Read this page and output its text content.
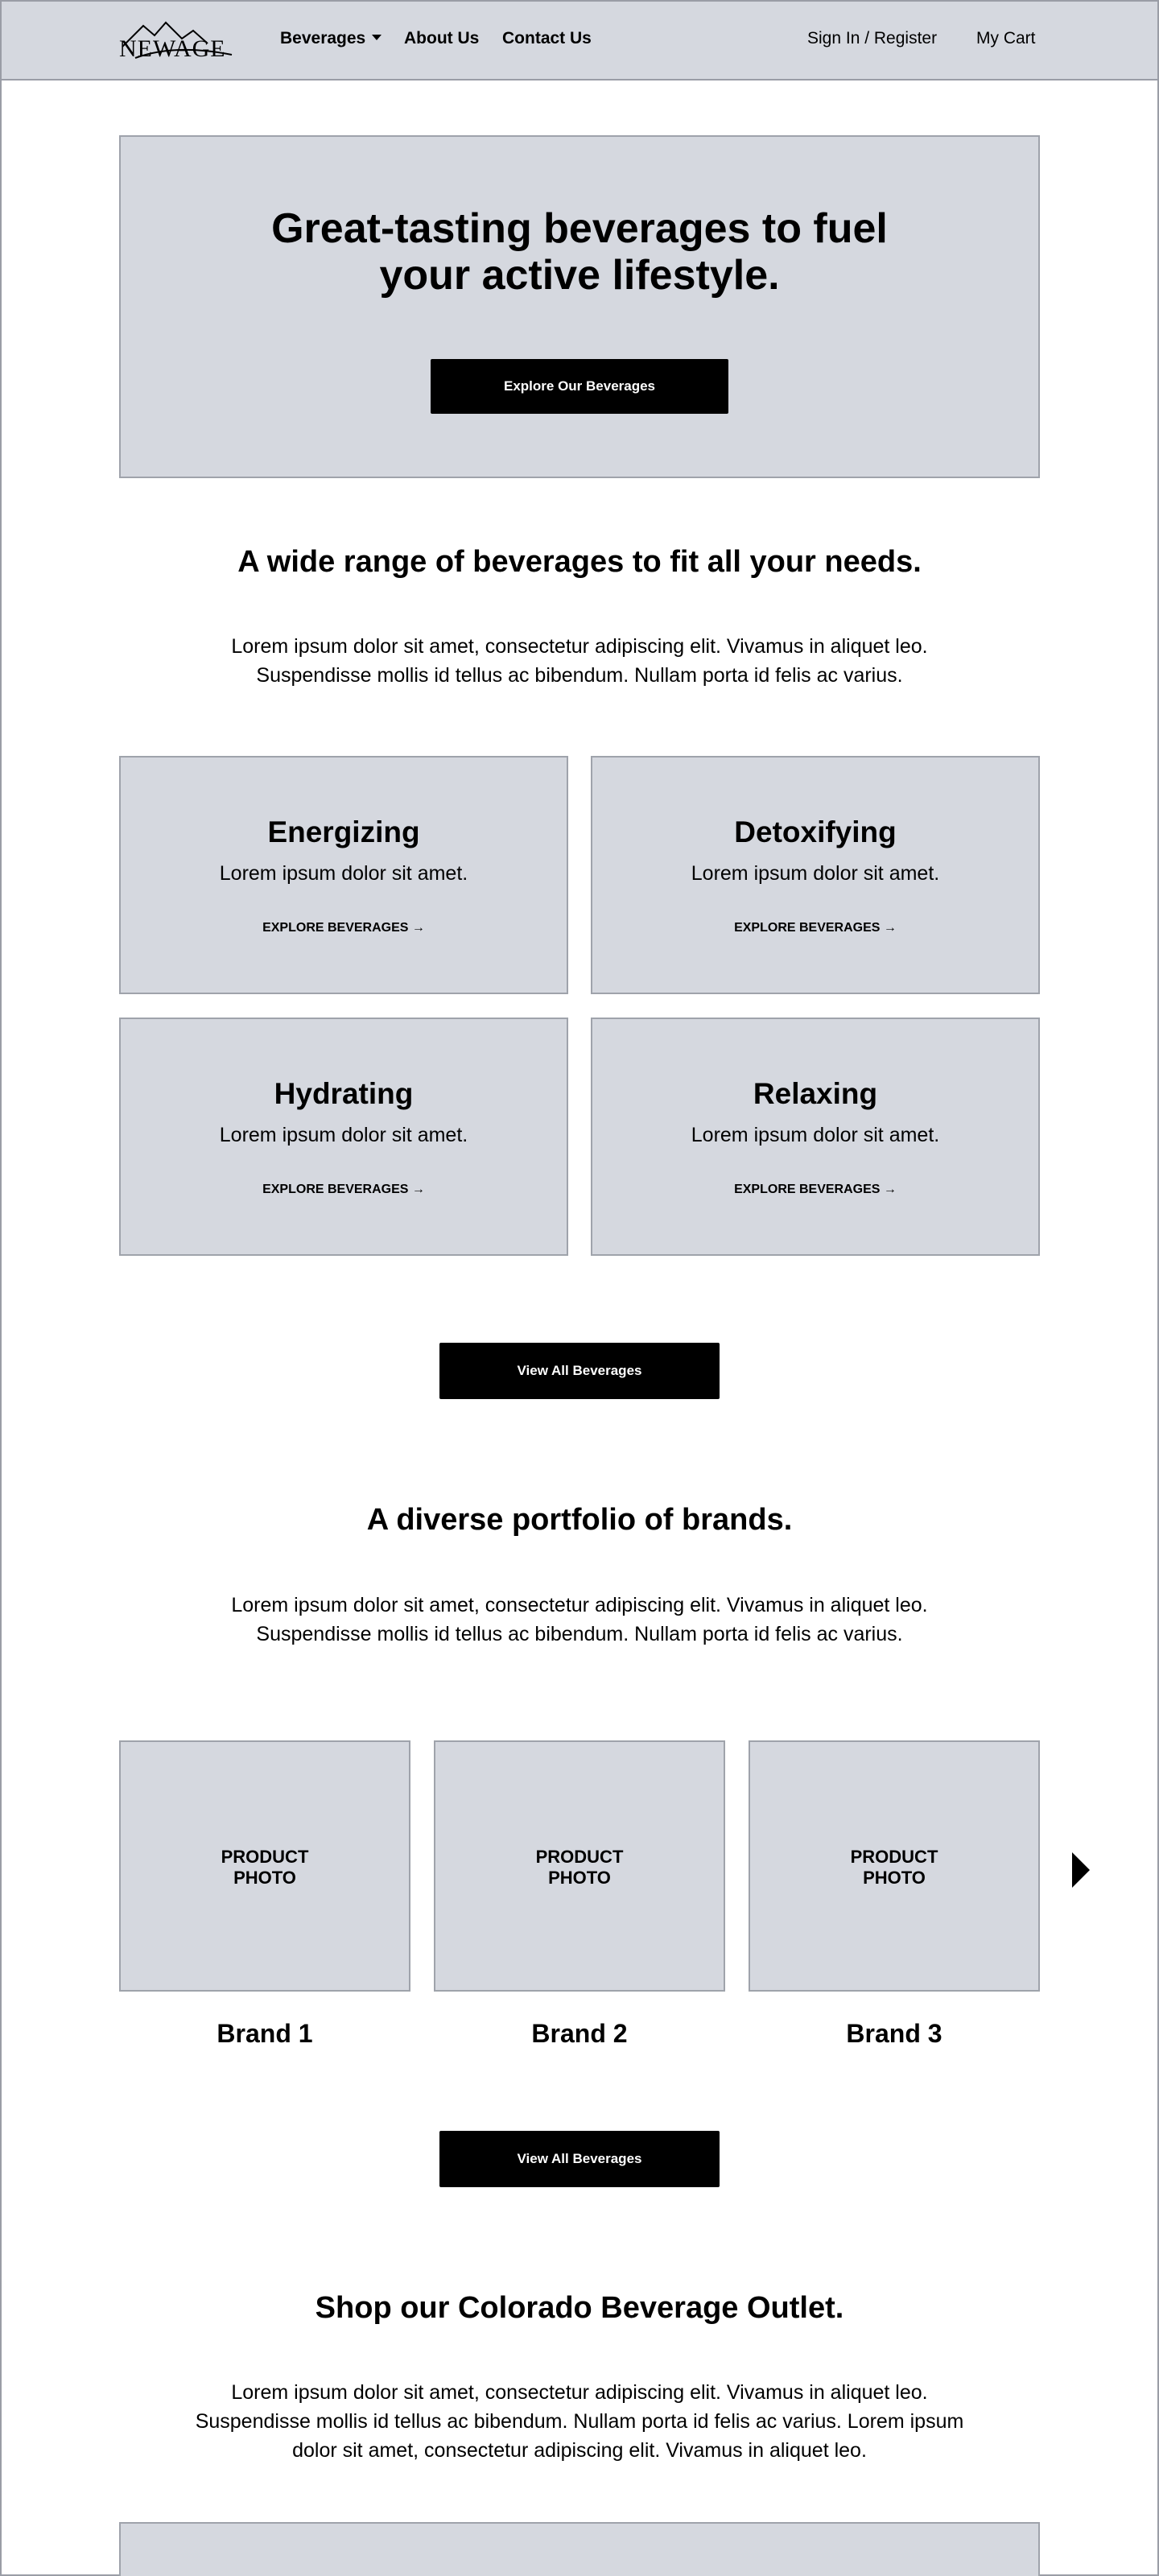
NEWAGE	Beverages	About Us Contact Us	Sign In / Register My Cart
Great-tasting beverages to fuel
your active lifestyle.
Explore Our Beverages
A wide range of beverages to fit all your needs.
Lorem ipsum dolor sit amet, consectetur adipiscing elit. Vivamus in aliquet leo.
Suspendisse mollis id tellus ac bibendum. Nullam porta id felis ac varius.
Energizing
Lorem ipsum dolor sit amet.
EXPLORE BEVERAGES →
Detoxifying
Lorem ipsum dolor sit amet.
EXPLORE BEVERAGES →
Hydrating
Lorem ipsum dolor sit amet.
EXPLORE BEVERAGES →
Relaxing
Lorem ipsum dolor sit amet.
EXPLORE BEVERAGES →
View All Beverages
A diverse portfolio of brands.
Lorem ipsum dolor sit amet, consectetur adipiscing elit. Vivamus in aliquet leo.
Suspendisse mollis id tellus ac bibendum. Nullam porta id felis ac varius.
PRODUCT
PHOTO
PRODUCT
PHOTO
PRODUCT
PHOTO
Brand 1	Brand 2	Brand 3
View All Beverages
Shop our Colorado Beverage Outlet.
Lorem ipsum dolor sit amet, consectetur adipiscing elit. Vivamus in aliquet leo.
Suspendisse mollis id tellus ac bibendum. Nullam porta id felis ac varius. Lorem ipsum
dolor sit amet, consectetur adipiscing elit. Vivamus in aliquet leo.
